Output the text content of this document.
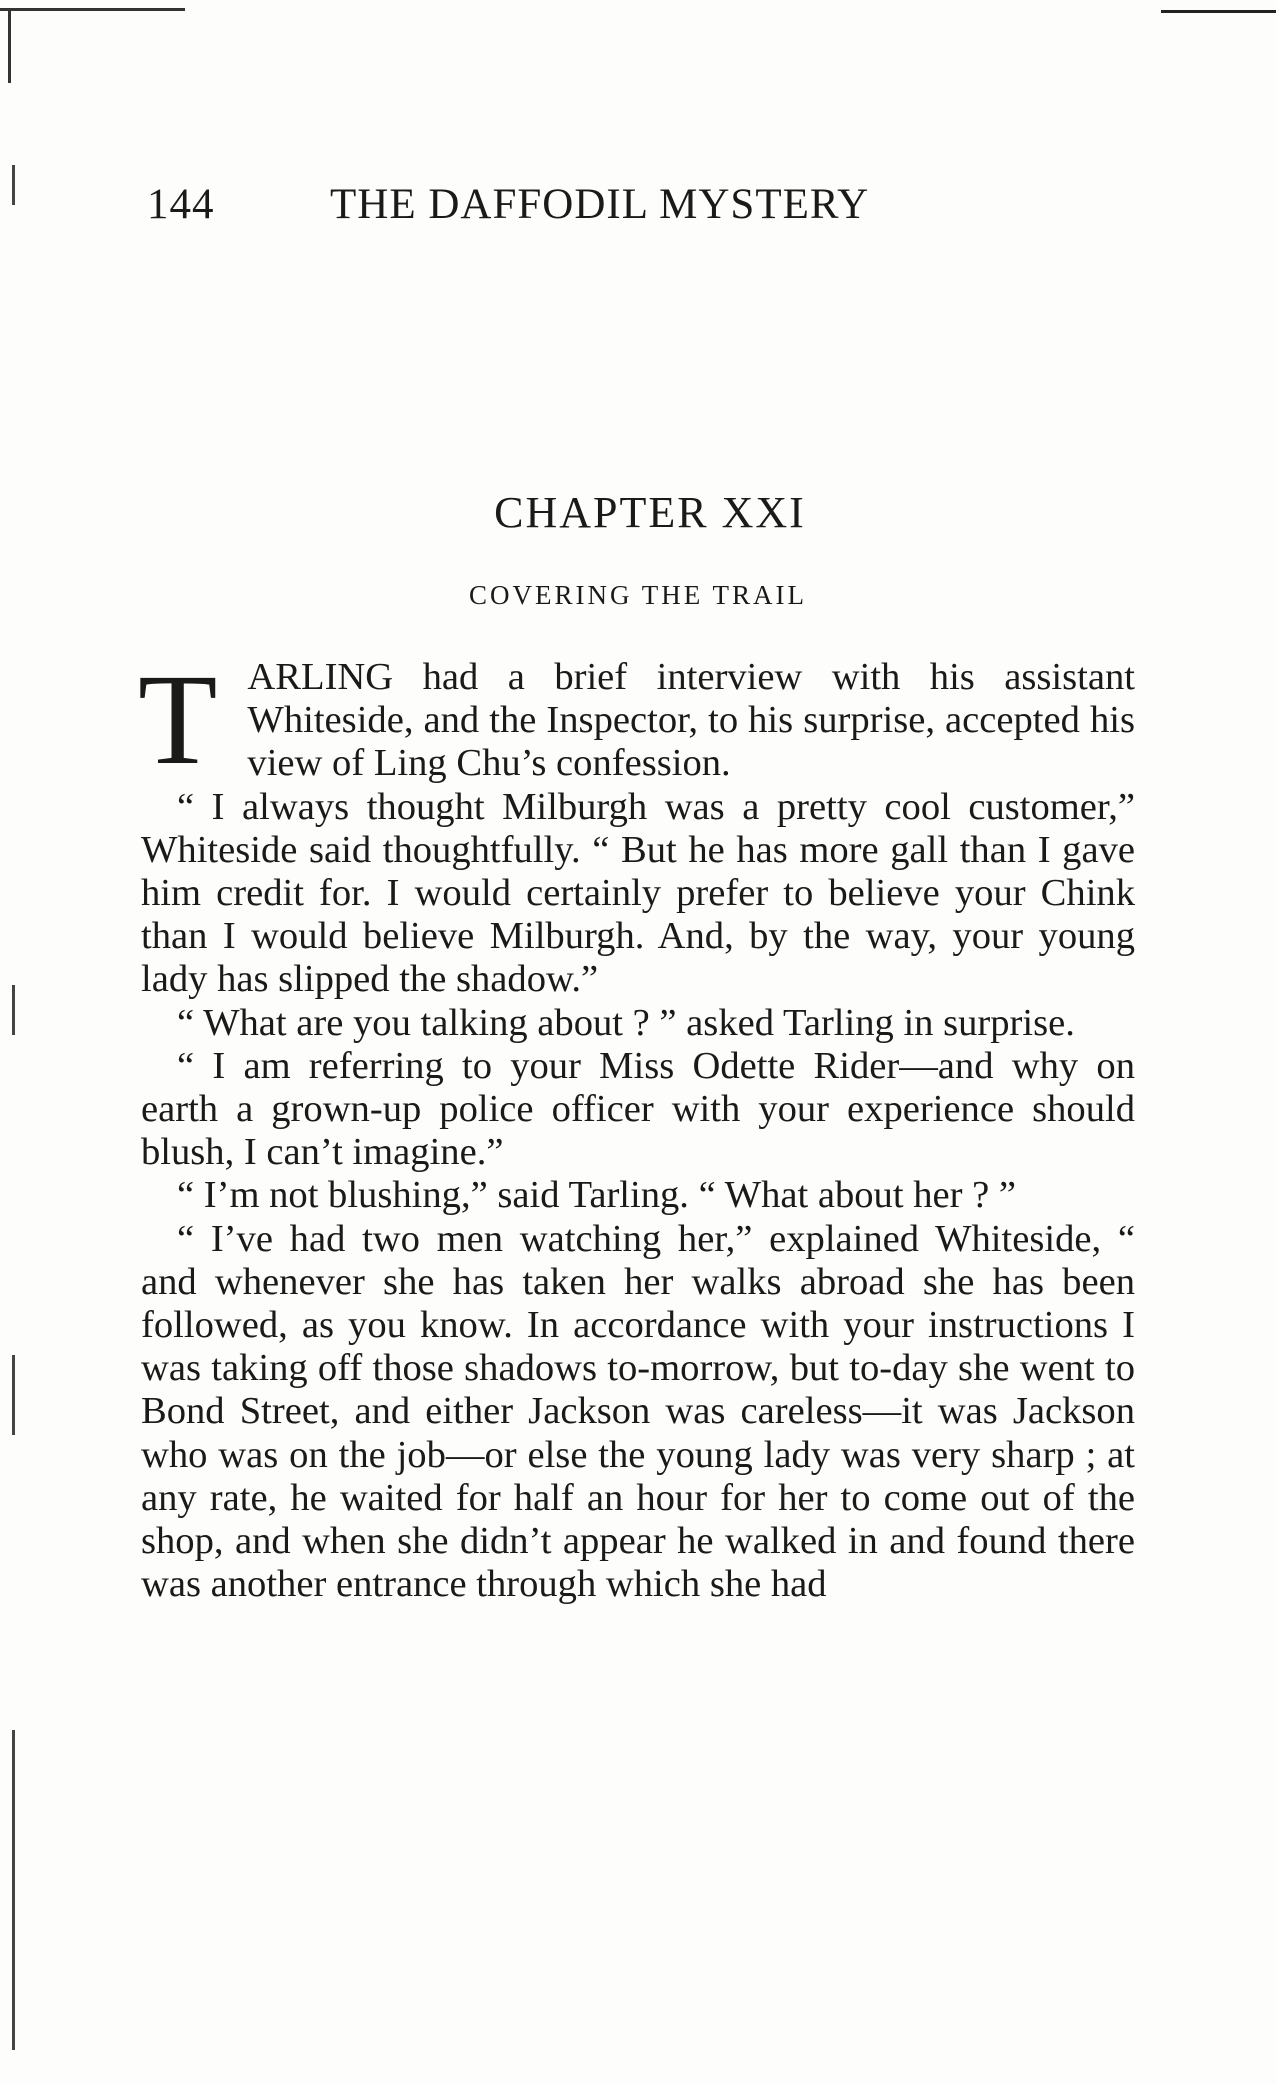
144	THE DAFFODIL MYSTERY
CHAPTER XXI
COVERING THE TRAIL

TARLING had a brief interview with his assistant Whiteside, and the Inspector, to his surprise, accepted his view of Ling Chu’s confession.

“ I always thought Milburgh was a pretty cool customer,” Whiteside said thoughtfully. “ But he has more gall than I gave him credit for. I would certainly prefer to believe your Chink than I would believe Milburgh. And, by the way, your young lady has slipped the shadow.”

“ What are you talking about ? ” asked Tarling in surprise.

“ I am referring to your Miss Odette Rider—and why on earth a grown-up police officer with your experience should blush, I can’t imagine.”

“ I’m not blushing,” said Tarling. “ What about her ? ”

“ I’ve had two men watching her,” explained Whiteside, “ and whenever she has taken her walks abroad she has been followed, as you know. In accordance with your instructions I was taking off those shadows to-morrow, but to-day she went to Bond Street, and either Jackson was careless—it was Jackson who was on the job—or else the young lady was very sharp ; at any rate, he waited for half an hour for her to come out of the shop, and when she didn’t appear he walked in and found there was another entrance through which she had
